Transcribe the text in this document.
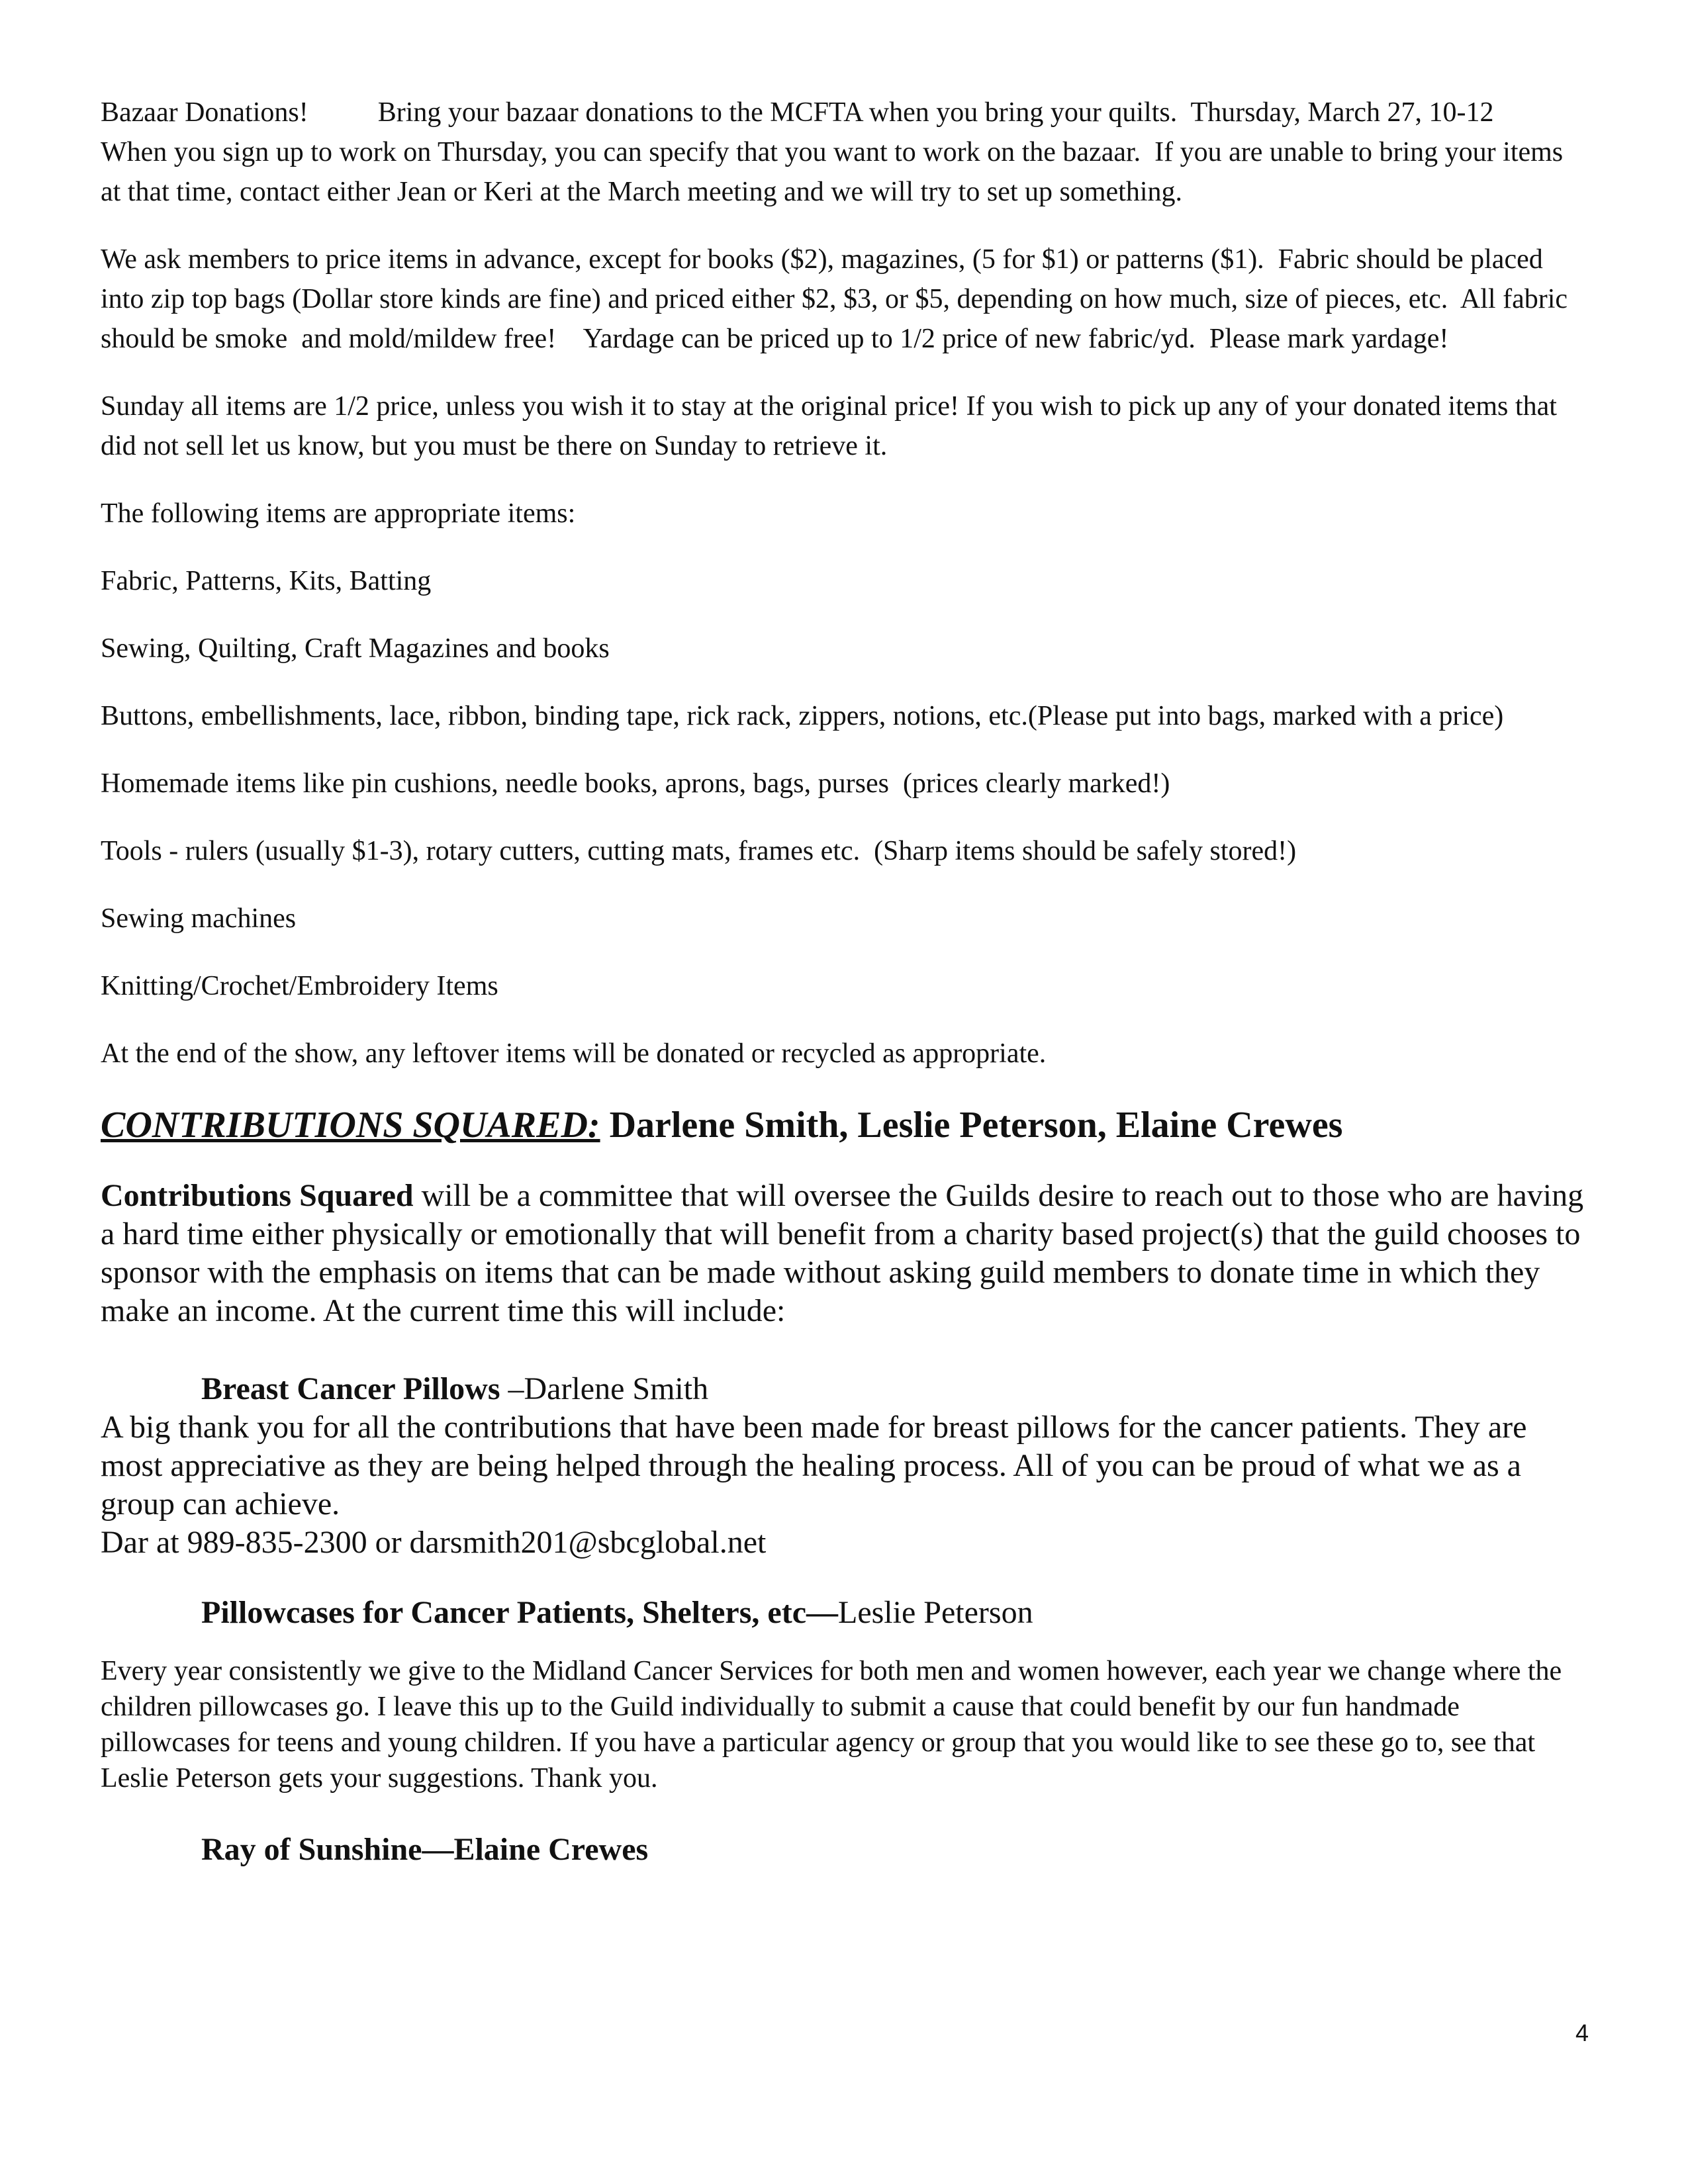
Bazaar Donations!          Bring your bazaar donations to the MCFTA when you bring your quilts.  Thursday, March 27, 10-12     When you sign up to work on Thursday, you can specify that you want to work on the bazaar.  If you are unable to bring your items at that time, contact either Jean or Keri at the March meeting and we will try to set up something.

We ask members to price items in advance, except for books ($2), magazines, (5 for $1) or patterns ($1).  Fabric should be placed into zip top bags (Dollar store kinds are fine) and priced either $2, $3, or $5, depending on how much, size of pieces, etc.  All fabric should be smoke  and mold/mildew free!    Yardage can be priced up to 1/2 price of new fabric/yd.  Please mark yardage!

Sunday all items are 1/2 price, unless you wish it to stay at the original price! If you wish to pick up any of your donated items that did not sell let us know, but you must be there on Sunday to retrieve it.

The following items are appropriate items:

Fabric, Patterns, Kits, Batting

Sewing, Quilting, Craft Magazines and books

Buttons, embellishments, lace, ribbon, binding tape, rick rack, zippers, notions, etc.(Please put into bags, marked with a price)

Homemade items like pin cushions, needle books, aprons, bags, purses  (prices clearly marked!)

Tools - rulers (usually $1-3), rotary cutters, cutting mats, frames etc.  (Sharp items should be safely stored!)

Sewing machines

Knitting/Crochet/Embroidery Items

At the end of the show, any leftover items will be donated or recycled as appropriate.

CONTRIBUTIONS SQUARED: Darlene Smith, Leslie Peterson, Elaine Crewes

Contributions Squared will be a committee that will oversee the Guilds desire to reach out to those who are having a hard time either physically or emotionally that will benefit from a charity based project(s) that the guild chooses to sponsor with the emphasis on items that can be made without asking guild members to donate time in which they make an income. At the current time this will include:

Breast Cancer Pillows –Darlene Smith

A big thank you for all the contributions that have been made for breast pillows for the cancer patients. They are most appreciative as they are being helped through the healing process. All of you can be proud of what we as a group can achieve.

Dar at 989-835-2300 or darsmith201@sbcglobal.net

Pillowcases for Cancer Patients, Shelters, etc—Leslie Peterson

Every year consistently we give to the Midland Cancer Services for both men and women however, each year we change where the children pillowcases go. I leave this up to the Guild individually to submit a cause that could benefit by our fun handmade pillowcases for teens and young children. If you have a particular agency or group that you would like to see these go to, see that Leslie Peterson gets your suggestions. Thank you.

Ray of Sunshine—Elaine Crewes
4
